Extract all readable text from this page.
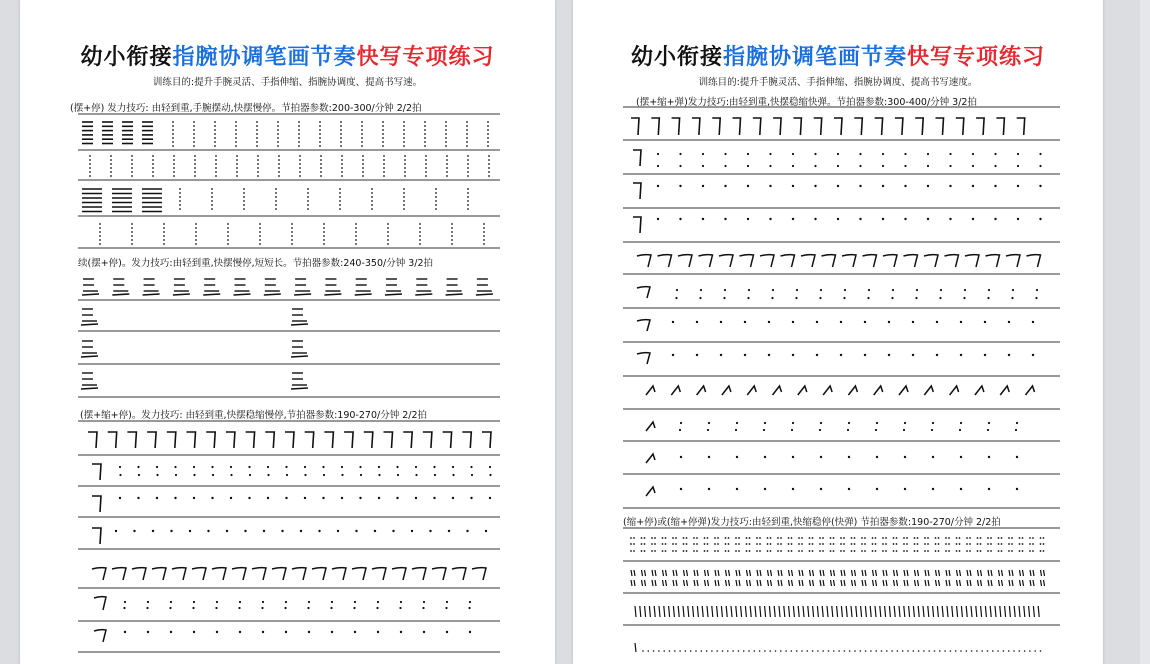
幼小衔接指腕协调笔画节奏快写专项练习
训练目的:提升手腕灵活、手指伸缩、指腕协调度、提高书写速。
(摆+停) 发力技巧: 由轻到重,手腕摆动,快摆慢停。节拍器参数:200-300/分钟 2/2拍
续(摆+停)。发力技巧:由轻到重,快摆慢停,短短长。节拍器参数:240-350/分钟 3/2拍
(摆+缩+停)。发力技巧: 由轻到重,快摆稳缩慢停,节拍器参数:190-270/分钟 2/2拍
幼小衔接指腕协调笔画节奏快写专项练习
训练目的:提升手腕灵活、手指伸缩、指腕协调度、提高书写速度。
(摆+缩+弹)发力技巧:由轻到重,快摆稳缩快弹。节拍器参数:300-400/分钟 3/2拍
(缩+停)或(缩+停弹)发力技巧:由轻到重,快缩稳停(快弹) 节拍器参数:190-270/分钟 2/2拍
